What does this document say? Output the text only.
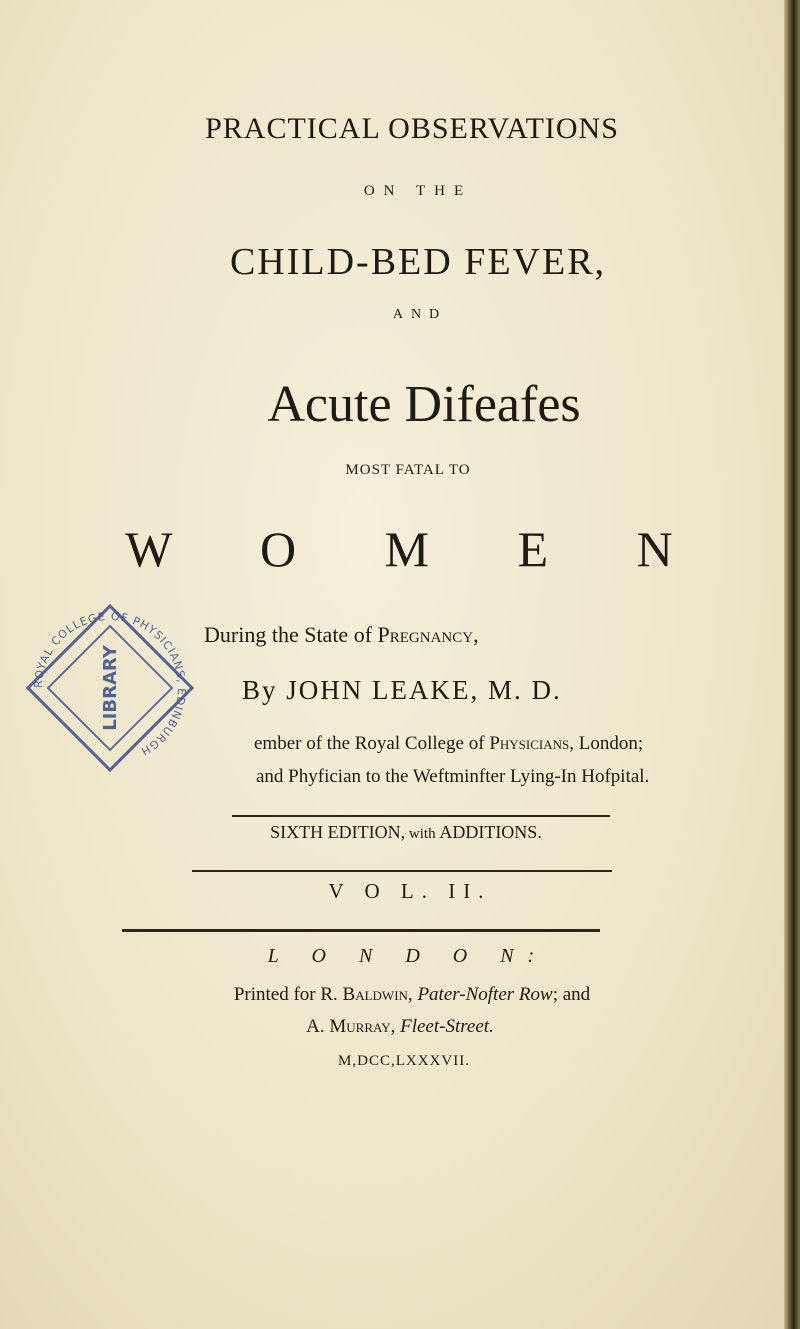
PRACTICAL OBSERVATIONS
ON THE
CHILD-BED FEVER,
AND
Acute Difeafes
MOST FATAL TO
W O M E N
During the State of Pregnancy,
By JOHN LEAKE, M. D.
ember of the Royal College of Physicians, London;
and Phyfician to the Weftminfter Lying-In Hofpital.
SIXTH EDITION, with ADDITIONS.
V O L. II.
L O N D O N:
Printed for R. Baldwin, Pater-Nofter Row; and
A. Murray, Fleet-Street.
M,DCC,LXXXVII.
ROYAL COLLEGE OF PHYSICIANS, EDINBURGH
LIBRARY
